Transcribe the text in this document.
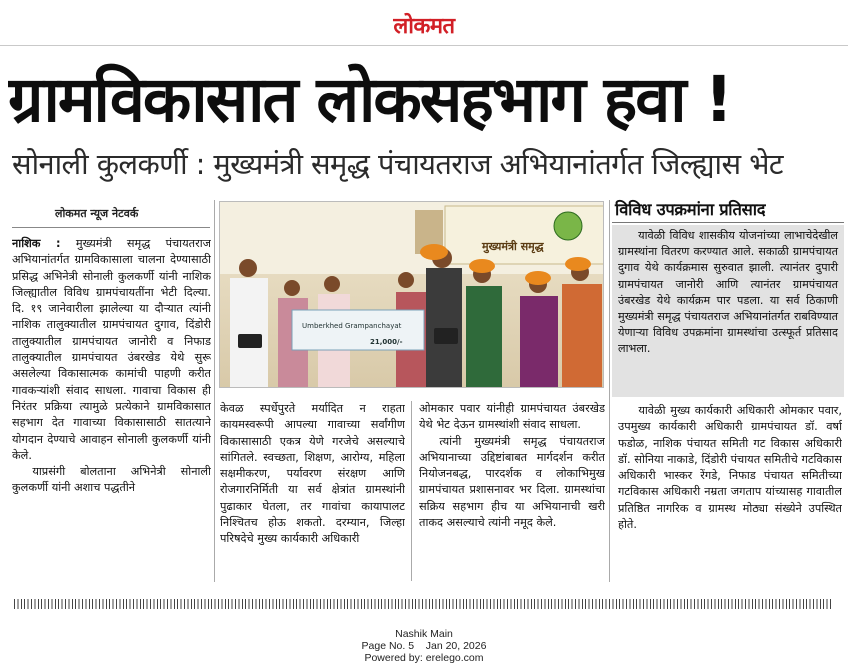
लोकमत
ग्रामविकासात लोकसहभाग हवा !
सोनाली कुलकर्णी : मुख्यमंत्री समृद्ध पंचायतराज अभियानांतर्गत जिल्ह्यास भेट
लोकमत न्यूज नेटवर्क

नाशिक : मुख्यमंत्री समृद्ध पंचायतराज अभियानांतर्गत ग्रामविकासाला चालना देण्यासाठी प्रसिद्ध अभिनेत्री सोनाली कुलकर्णी यांनी नाशिक जिल्ह्यातील विविध ग्रामपंचायतींना भेटी दिल्या. दि. १९ जानेवारीला झालेल्या या दौऱ्यात त्यांनी नाशिक तालुक्यातील ग्रामपंचायत दुगाव, दिंडोरी तालुक्यातील ग्रामपंचायत जानोरी व निफाड तालुक्यातील ग्रामपंचायत उंबरखेड येथे सुरू असलेल्या विकासात्मक कामांची पाहणी करीत गावकऱ्यांशी संवाद साधला. गावाचा विकास ही निरंतर प्रक्रिया त्यामुळे प्रत्येकाने ग्रामविकासात सहभाग देत गावाच्या विकासासाठी सातत्याने योगदान देण्याचे आवाहन सोनाली कुलकर्णी यांनी केले.

याप्रसंगी बोलताना अभिनेत्री सोनाली कुलकर्णी यांनी अशाच पद्धतीने

मुख्यमंत्री समृद्ध
Umberkhed Grampanchayat
21,000/-

केवळ स्पर्धेपुरते मर्यादित न राहता कायमस्वरूपी आपल्या गावाच्या सर्वांगीण विकासासाठी एकत्र येणे गरजेचे असल्याचे सांगितले. स्वच्छता, शिक्षण, आरोग्य, महिला सक्षमीकरण, पर्यावरण संरक्षण आणि रोजगारनिर्मिती या सर्व क्षेत्रांत ग्रामस्थांनी पुढाकार घेतला, तर गावांचा कायापालट निश्चितच होऊ शकतो. दरम्यान, जिल्हा परिषदेचे मुख्य कार्यकारी अधिकारी

ओमकार पवार यांनीही ग्रामपंचायत उंबरखेड येथे भेट देऊन ग्रामस्थांशी संवाद साधला.

त्यांनी मुख्यमंत्री समृद्ध पंचायतराज अभियानाच्या उद्दिष्टांबाबत मार्गदर्शन करीत नियोजनबद्ध, पारदर्शक व लोकाभिमुख ग्रामपंचायत प्रशासनावर भर दिला. ग्रामस्थांचा सक्रिय सहभाग हीच या अभियानाची खरी ताकद असल्याचे त्यांनी नमूद केले.

विविध उपक्रमांना प्रतिसाद

यावेळी विविध शासकीय योजनांच्या लाभाचेदेखील ग्रामस्थांना वितरण करण्यात आले. सकाळी ग्रामपंचायत दुगाव येथे कार्यक्रमास सुरुवात झाली. त्यानंतर दुपारी ग्रामपंचायत जानोरी आणि त्यानंतर ग्रामपंचायत उंबरखेड येथे कार्यक्रम पार पडला. या सर्व ठिकाणी मुख्यमंत्री समृद्ध पंचायतराज अभियानांतर्गत राबविण्यात येणाऱ्या विविध उपक्रमांना ग्रामस्थांचा उत्स्फूर्त प्रतिसाद लाभला.

यावेळी मुख्य कार्यकारी अधिकारी ओमकार पवार, उपमुख्य कार्यकारी अधिकारी ग्रामपंचायत डॉ. वर्षा फडोळ, नाशिक पंचायत समिती गट विकास अधिकारी डॉ. सोनिया नाकाडे, दिंडोरी पंचायत समितीचे गटविकास अधिकारी भास्कर रेंगडे, निफाड पंचायत समितीच्या गटविकास अधिकारी नम्रता जगताप यांच्यासह गावातील प्रतिष्ठित नागरिक व ग्रामस्थ मोठ्या संख्येने उपस्थित होते.

Nashik Main
Page No. 5    Jan 20, 2026
Powered by: erelego.com
